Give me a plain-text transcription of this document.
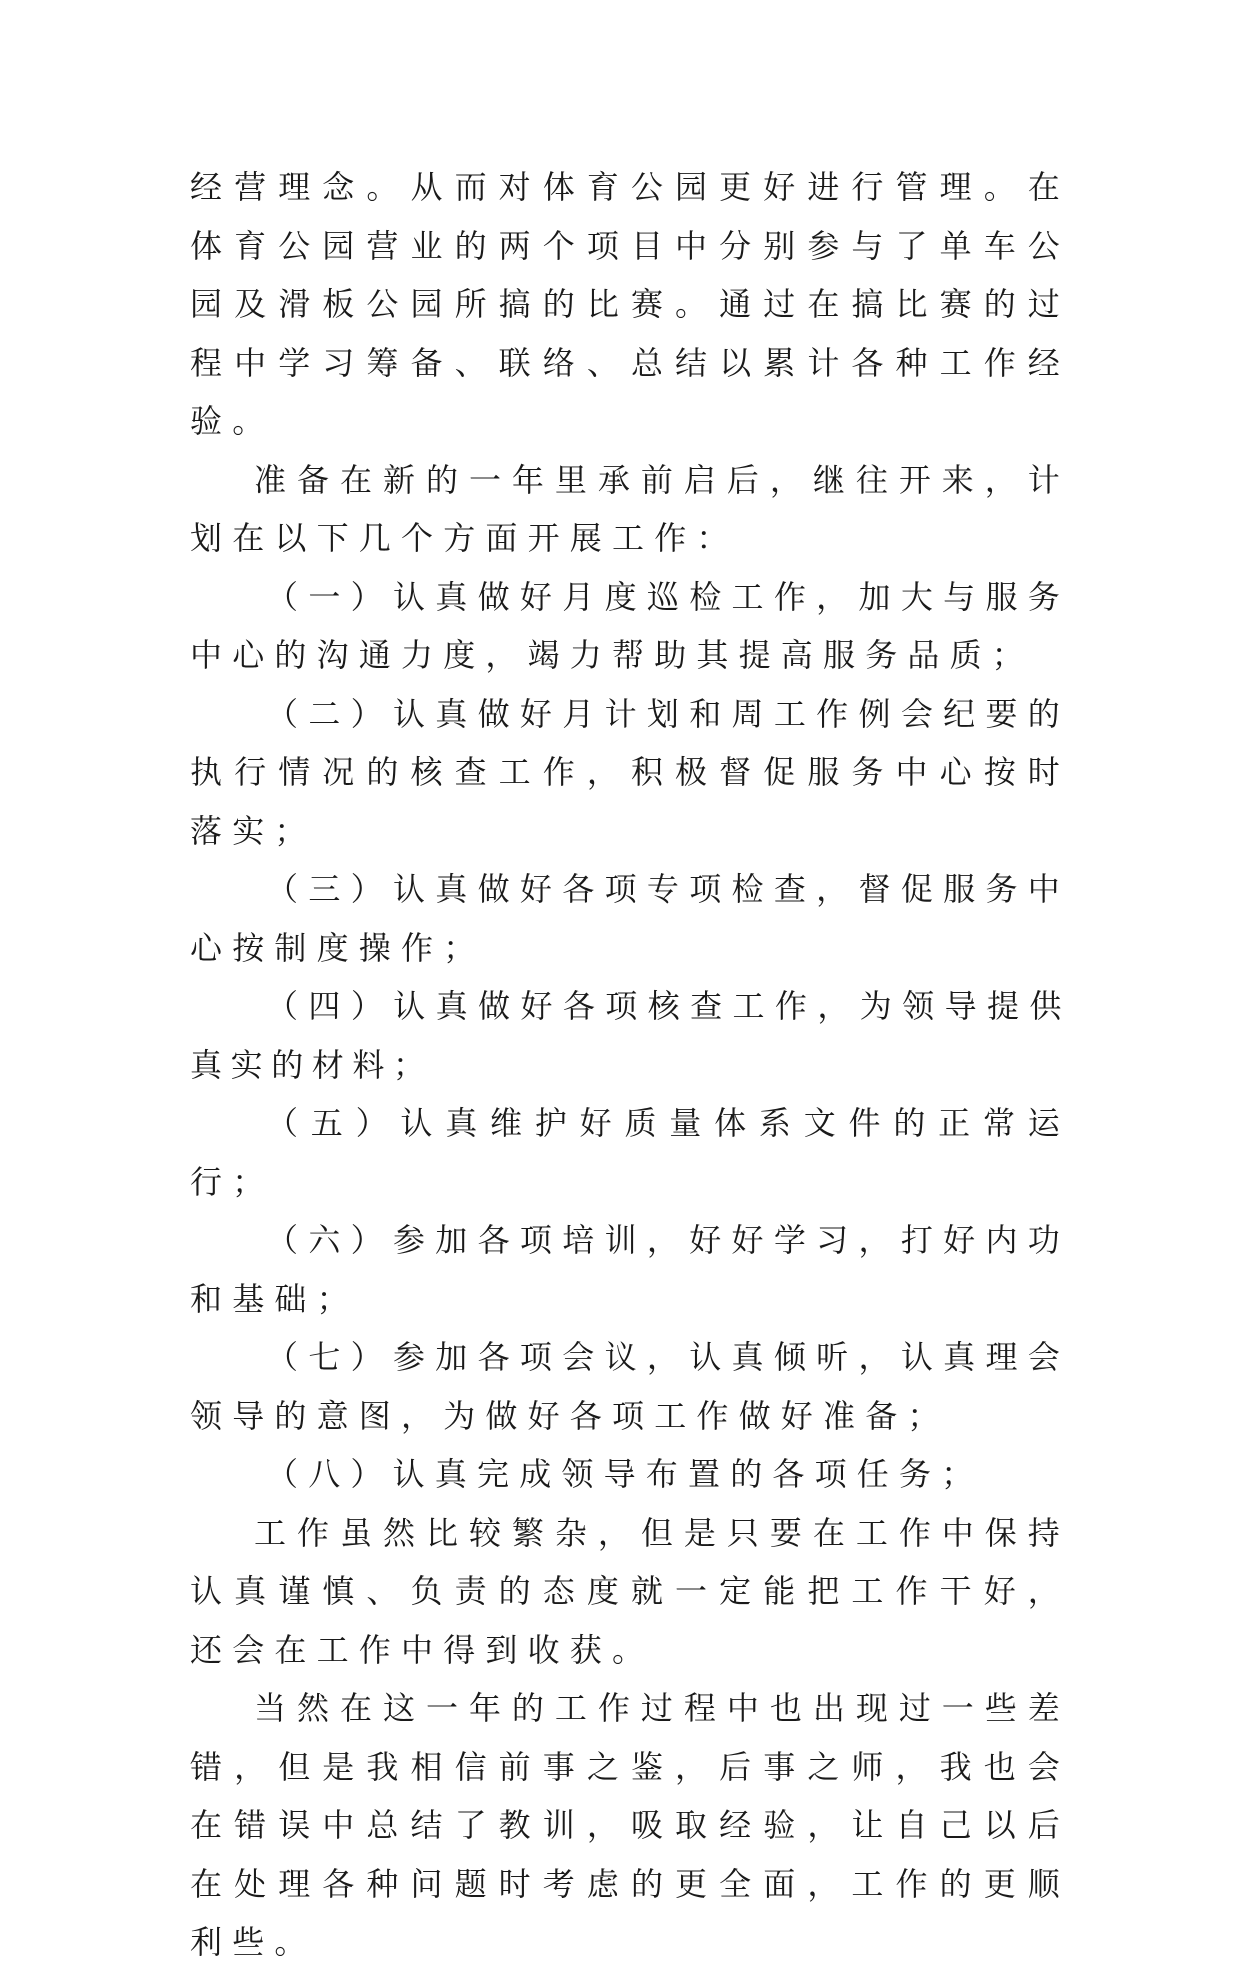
经营理念。从而对体育公园更好进行管理。在体育公园营业的两个项目中分别参与了单车公园及滑板公园所搞的比赛。通过在搞比赛的过程中学习筹备、联络、总结以累计各种工作经验。

准备在新的一年里承前启后，继往开来，计划在以下几个方面开展工作：

（一）认真做好月度巡检工作，加大与服务中心的沟通力度，竭力帮助其提高服务品质；

（二）认真做好月计划和周工作例会纪要的执行情况的核查工作，积极督促服务中心按时落实；

（三）认真做好各项专项检查，督促服务中心按制度操作；

（四）认真做好各项核查工作，为领导提供真实的材料；

（五）认真维护好质量体系文件的正常运行；

（六）参加各项培训，好好学习，打好内功和基础；

（七）参加各项会议，认真倾听，认真理会领导的意图，为做好各项工作做好准备；

（八）认真完成领导布置的各项任务；

工作虽然比较繁杂，但是只要在工作中保持认真谨慎、负责的态度就一定能把工作干好，还会在工作中得到收获。

当然在这一年的工作过程中也出现过一些差错，但是我相信前事之鉴，后事之师，我也会在错误中总结了教训，吸取经验，让自己以后在处理各种问题时考虑的更全面，工作的更顺利些。
